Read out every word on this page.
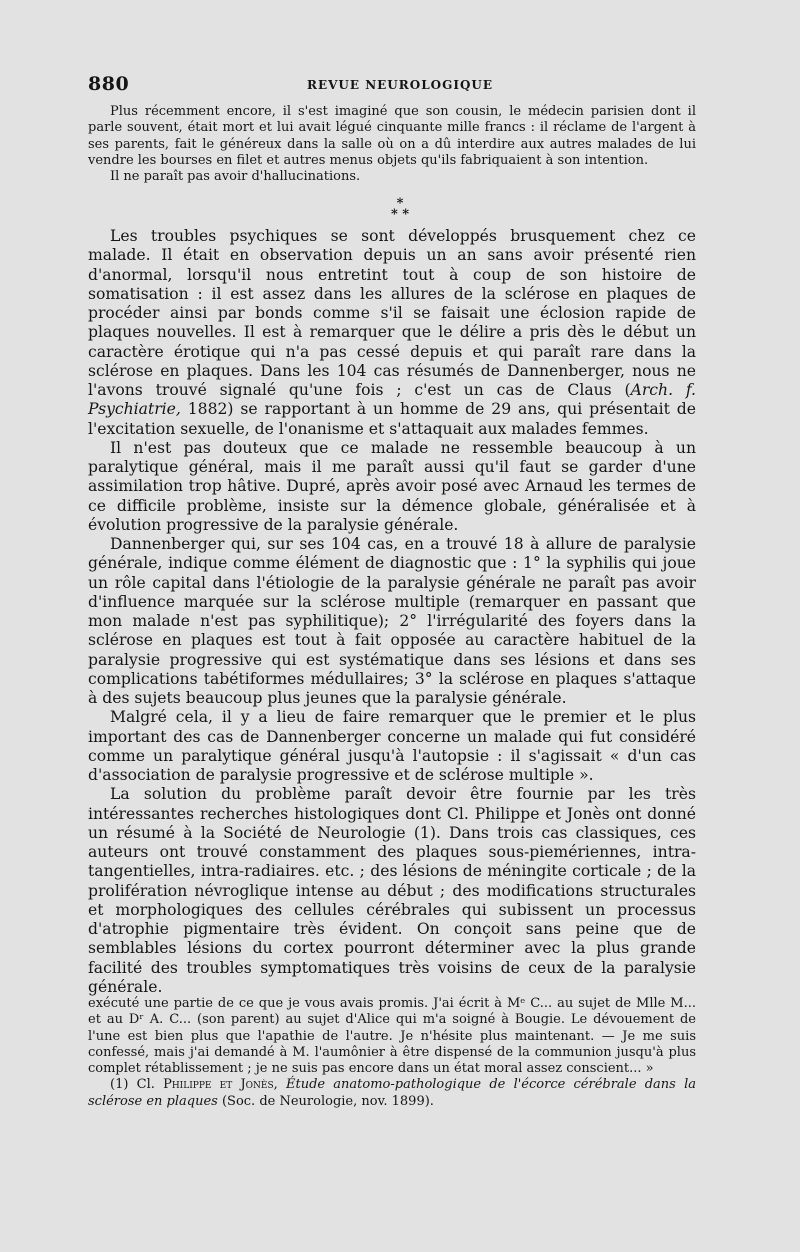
880	REVUE NEUROLOGIQUE

Plus récemment encore, il s'est imaginé que son cousin, le médecin parisien dont il parle souvent, était mort et lui avait légué cinquante mille francs : il réclame de l'argent à ses parents, fait le généreux dans la salle où on a dû interdire aux autres malades de lui vendre les bourses en filet et autres menus objets qu'ils fabriquaient à son intention.

Il ne paraît pas avoir d'hallucinations.

*
* *

Les troubles psychiques se sont développés brusquement chez ce malade. Il était en observation depuis un an sans avoir présenté rien d'anormal, lorsqu'il nous entretint tout à coup de son histoire de somatisation : il est assez dans les allures de la sclérose en plaques de procéder ainsi par bonds comme s'il se faisait une éclosion rapide de plaques nouvelles. Il est à remarquer que le délire a pris dès le début un caractère érotique qui n'a pas cessé depuis et qui paraît rare dans la sclérose en plaques. Dans les 104 cas résumés de Dannenberger, nous ne l'avons trouvé signalé qu'une fois ; c'est un cas de Claus (Arch. f. Psychiatrie, 1882) se rapportant à un homme de 29 ans, qui présentait de l'excitation sexuelle, de l'onanisme et s'attaquait aux malades femmes.

Il n'est pas douteux que ce malade ne ressemble beaucoup à un paralytique général, mais il me paraît aussi qu'il faut se garder d'une assimilation trop hâtive. Dupré, après avoir posé avec Arnaud les termes de ce difficile problème, insiste sur la démence globale, généralisée et à évolution progressive de la paralysie générale.

Dannenberger qui, sur ses 104 cas, en a trouvé 18 à allure de paralysie générale, indique comme élément de diagnostic que : 1° la syphilis qui joue un rôle capital dans l'étiologie de la paralysie générale ne paraît pas avoir d'influence marquée sur la sclérose multiple (remarquer en passant que mon malade n'est pas syphilitique); 2° l'irrégularité des foyers dans la sclérose en plaques est tout à fait opposée au caractère habituel de la paralysie progressive qui est systématique dans ses lésions et dans ses complications tabétiformes médullaires; 3° la sclérose en plaques s'attaque à des sujets beaucoup plus jeunes que la paralysie générale.

Malgré cela, il y a lieu de faire remarquer que le premier et le plus important des cas de Dannenberger concerne un malade qui fut considéré comme un paralytique général jusqu'à l'autopsie : il s'agissait « d'un cas d'association de paralysie progressive et de sclérose multiple ».

La solution du problème paraît devoir être fournie par les très intéressantes recherches histologiques dont Cl. Philippe et Jonès ont donné un résumé à la Société de Neurologie (1). Dans trois cas classiques, ces auteurs ont trouvé constamment des plaques sous-piemériennes, intra-tangentielles, intra-radiaires. etc. ; des lésions de méningite corticale ; de la prolifération névroglique intense au début ; des modifications structurales et morphologiques des cellules cérébrales qui subissent un processus d'atrophie pigmentaire très évident. On conçoit sans peine que de semblables lésions du cortex pourront déterminer avec la plus grande facilité des troubles symptomatiques très voisins de ceux de la paralysie générale.

exécuté une partie de ce que je vous avais promis. J'ai écrit à Mᵉ C... au sujet de Mlle M... et au Dʳ A. C... (son parent) au sujet d'Alice qui m'a soigné à Bougie. Le dévouement de l'une est bien plus que l'apathie de l'autre. Je n'hésite plus maintenant. — Je me suis confessé, mais j'ai demandé à M. l'aumônier à être dispensé de la communion jusqu'à plus complet rétablissement ; je ne suis pas encore dans un état moral assez conscient... »

(1) Cl. Philippe et Jonès, Étude anatomo-pathologique de l'écorce cérébrale dans la sclérose en plaques (Soc. de Neurologie, nov. 1899).
